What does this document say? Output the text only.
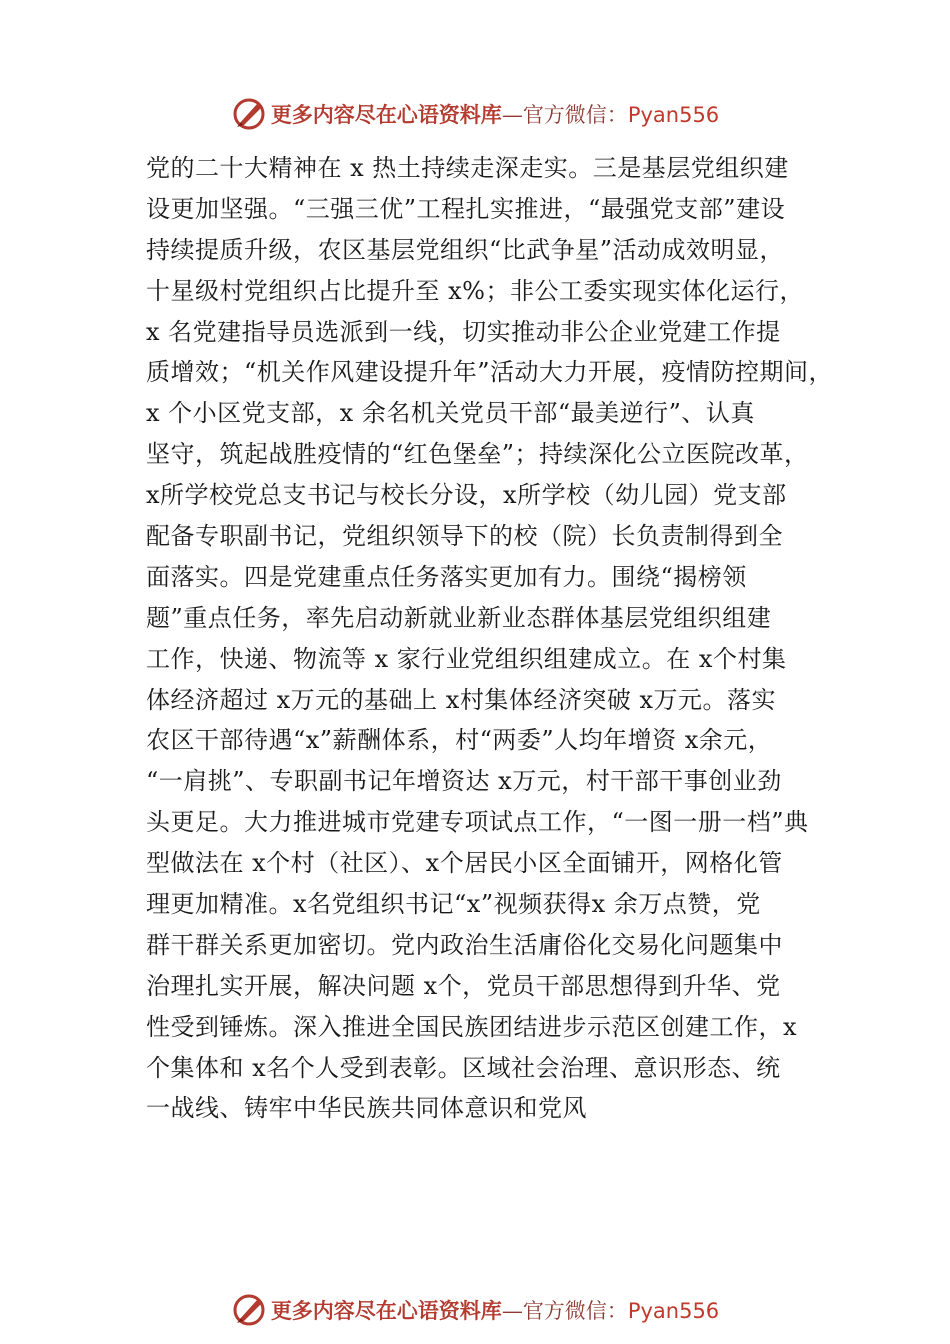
更多内容尽在心语资料库—官方微信：Pyan556
党的二十大精神在 x 热土持续走深走实。三是基层党组织建
设更加坚强。“三强三优”工程扎实推进，“最强党支部”建设
持续提质升级，农区基层党组织“比武争星”活动成效明显，
十星级村党组织占比提升至 x%；非公工委实现实体化运行，
x 名党建指导员选派到一线，切实推动非公企业党建工作提
质增效；“机关作风建设提升年”活动大力开展，疫情防控期间，
x 个小区党支部，x 余名机关党员干部“最美逆行”、认真
坚守，筑起战胜疫情的“红色堡垒”；持续深化公立医院改革，
x所学校党总支书记与校长分设，x所学校（幼儿园）党支部
配备专职副书记，党组织领导下的校（院）长负责制得到全
面落实。四是党建重点任务落实更加有力。围绕“揭榜领
题”重点任务，率先启动新就业新业态群体基层党组织组建
工作，快递、物流等 x 家行业党组织组建成立。在 x个村集
体经济超过 x万元的基础上 x村集体经济突破 x万元。落实
农区干部待遇“x”薪酬体系，村“两委”人均年增资 x余元，
“一肩挑”、专职副书记年增资达 x万元，村干部干事创业劲
头更足。大力推进城市党建专项试点工作，“一图一册一档”典
型做法在 x个村（社区）、x个居民小区全面铺开，网格化管
理更加精准。x名党组织书记“x”视频获得x 余万点赞，党
群干群关系更加密切。党内政治生活庸俗化交易化问题集中
治理扎实开展，解决问题 x个，党员干部思想得到升华、党
性受到锤炼。深入推进全国民族团结进步示范区创建工作，x
个集体和 x名个人受到表彰。区域社会治理、意识形态、统
一战线、铸牢中华民族共同体意识和党风
更多内容尽在心语资料库—官方微信：Pyan556
